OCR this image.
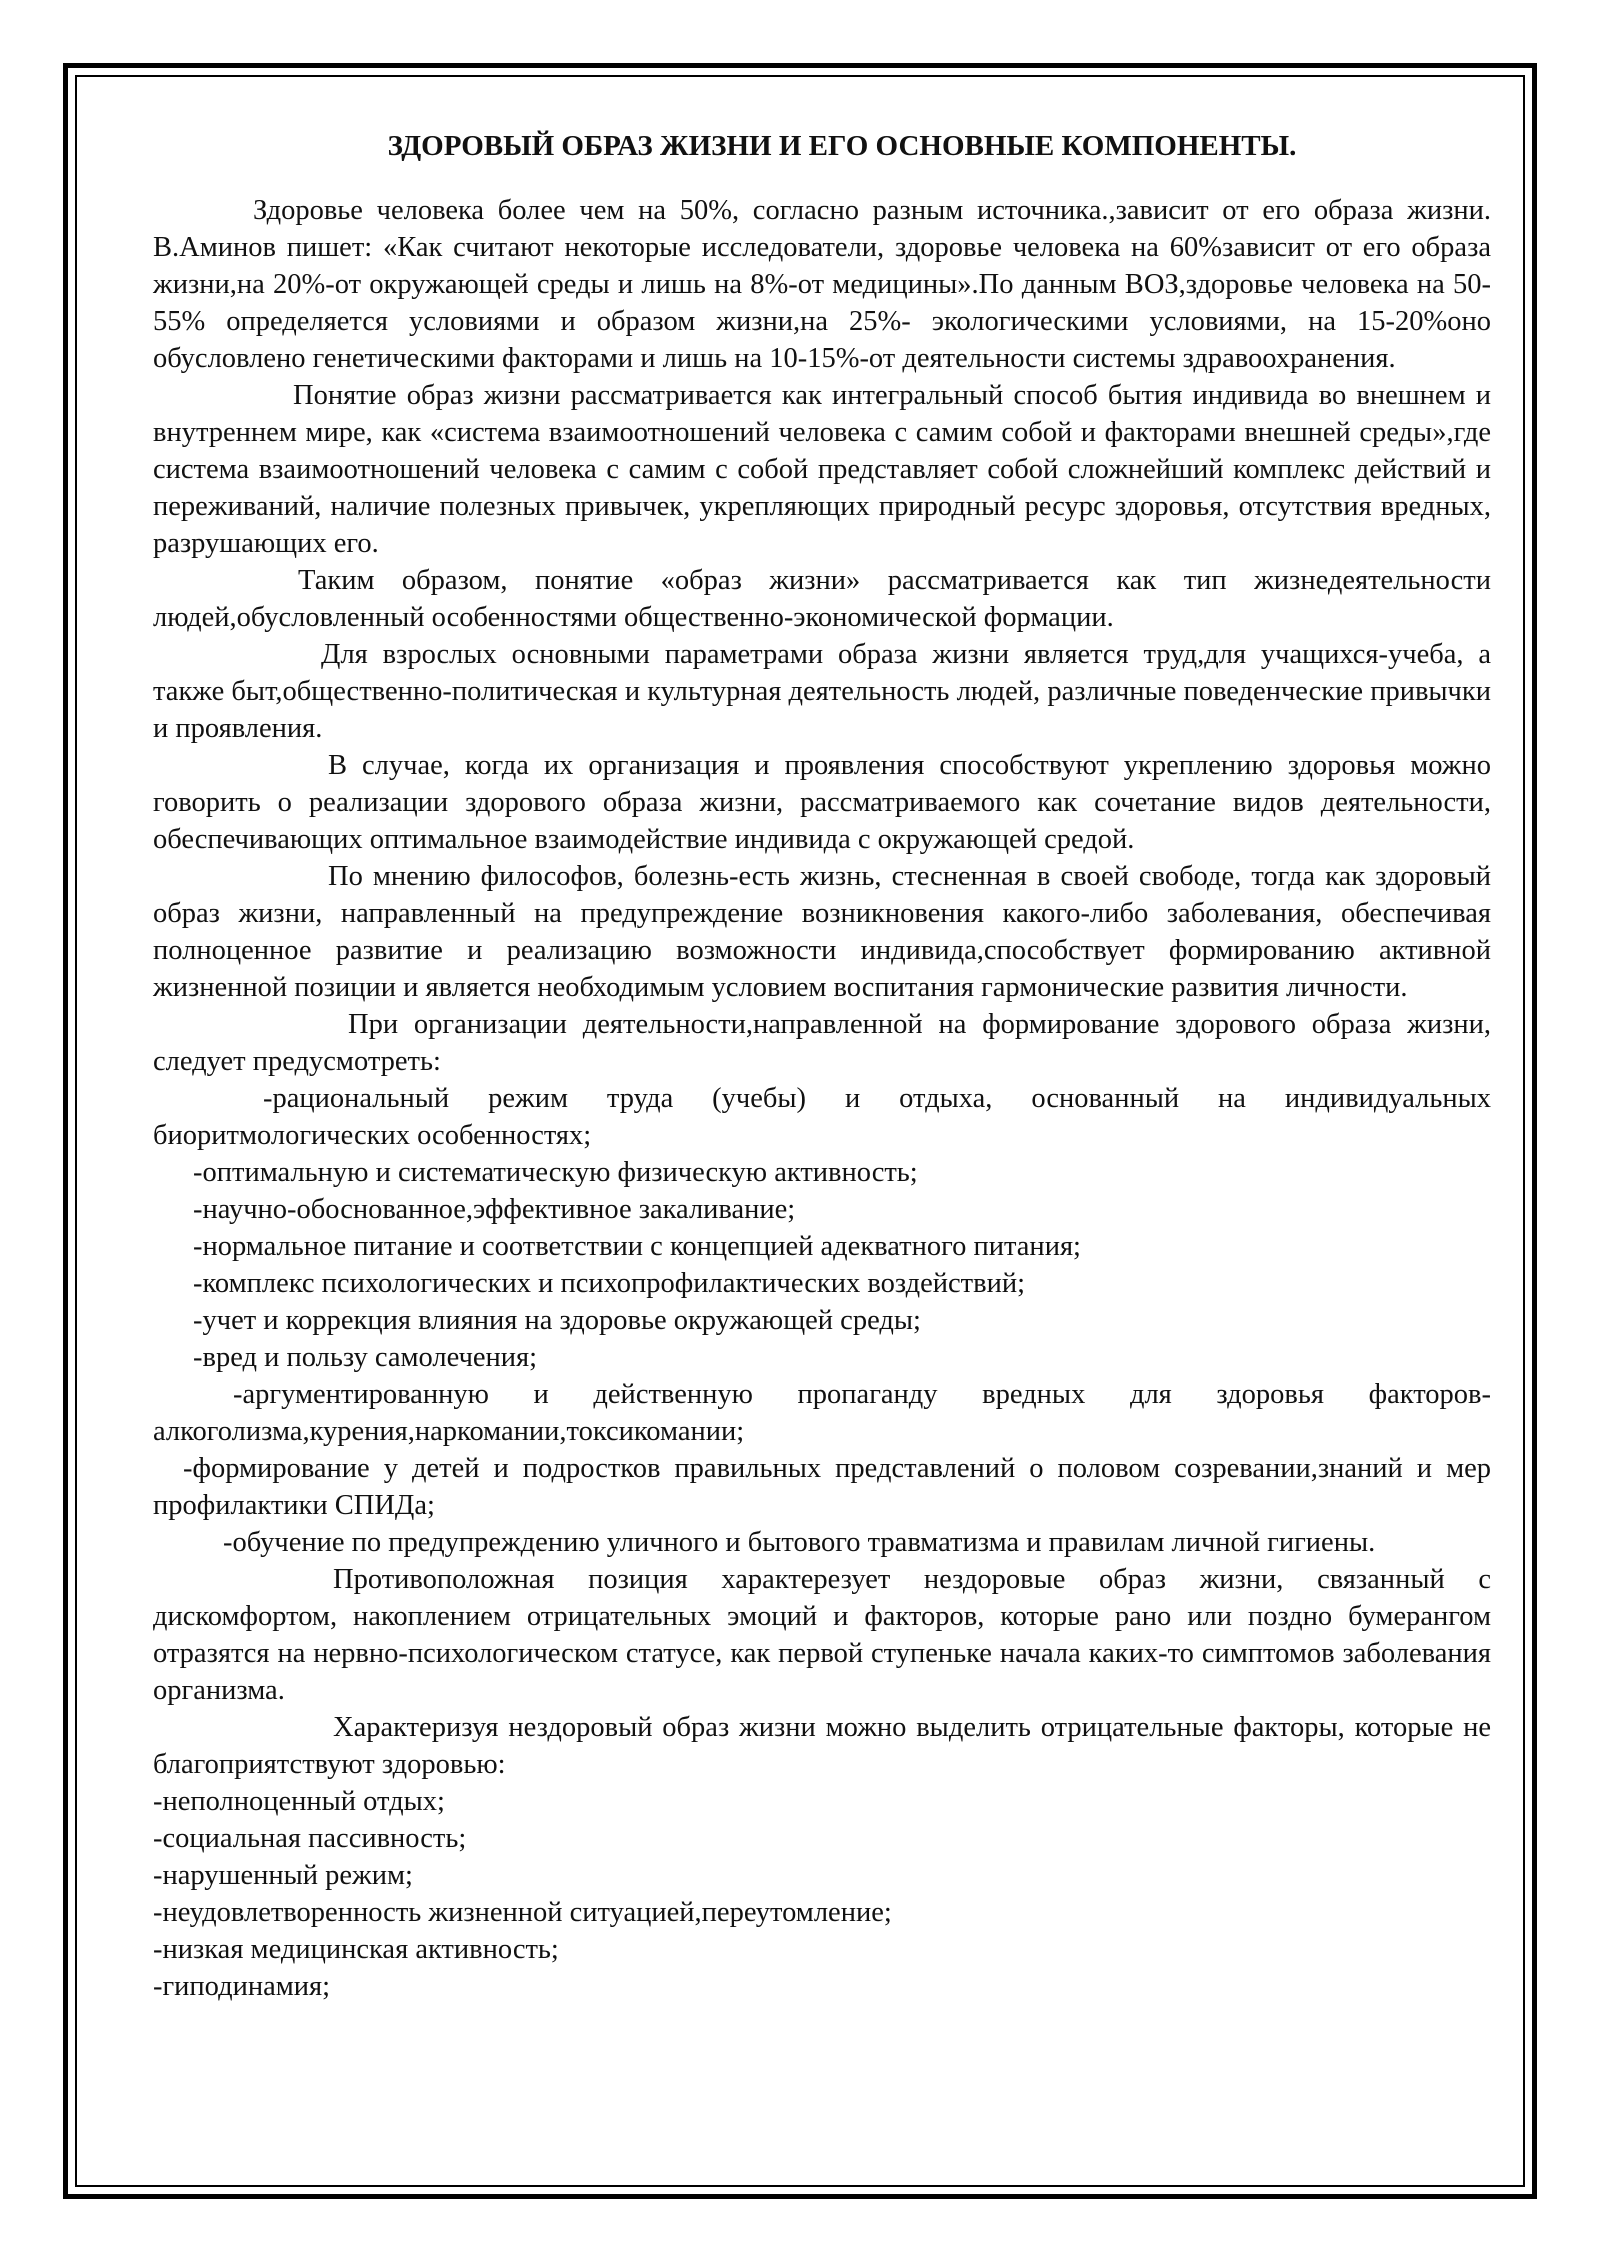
ЗДОРОВЫЙ ОБРАЗ ЖИЗНИ И ЕГО ОСНОВНЫЕ КОМПОНЕНТЫ.

Здоровье человека более чем на 50%, согласно разным источника.,зависит от его образа жизни. В.Аминов пишет: «Как считают некоторые исследователи, здоровье человека на 60%зависит от его образа жизни,на 20%-от окружающей среды и лишь на 8%-от медицины».По данным ВОЗ,здоровье человека на 50-55% определяется условиями и образом жизни,на 25%- экологическими условиями, на 15-20%оно обусловлено генетическими факторами и лишь на 10-15%-от деятельности системы здравоохранения.

Понятие образ жизни рассматривается как интегральный способ бытия индивида во внешнем и внутреннем мире, как «система взаимоотношений человека с самим собой и факторами внешней среды»,где система взаимоотношений человека с самим с собой представляет собой сложнейший комплекс действий и переживаний, наличие полезных привычек, укрепляющих природный ресурс здоровья, отсутствия вредных, разрушающих его.

Таким образом, понятие «образ жизни» рассматривается как тип жизнедеятельности людей,обусловленный особенностями общественно-экономической формации.

Для взрослых основными параметрами образа жизни является труд,для учащихся-учеба, а также быт,общественно-политическая и культурная деятельность людей, различные поведенческие привычки и проявления.

В случае, когда их организация и проявления способствуют укреплению здоровья можно говорить о реализации здорового образа жизни, рассматриваемого как сочетание видов деятельности, обеспечивающих оптимальное взаимодействие индивида с окружающей средой.

По мнению философов, болезнь-есть жизнь, стесненная в своей свободе, тогда как здоровый образ жизни, направленный на предупреждение возникновения какого-либо заболевания, обеспечивая полноценное развитие и реализацию возможности индивида,способствует формированию активной жизненной позиции и является необходимым условием воспитания гармонические развития личности.

При организации деятельности,направленной на формирование здорового образа жизни, следует предусмотреть:

-рациональный режим труда (учебы) и отдыха, основанный на индивидуальных биоритмологических особенностях;

-оптимальную и систематическую физическую активность;

-научно-обоснованное,эффективное закаливание;

-нормальное питание и соответствии с концепцией адекватного питания;

-комплекс психологических и психопрофилактических воздействий;

-учет и коррекция влияния на здоровье окружающей среды;

-вред и пользу самолечения;

-аргументированную и действенную пропаганду вредных для здоровья факторов-алкоголизма,курения,наркомании,токсикомании;

-формирование у детей и подростков правильных представлений о половом созревании,знаний и мер профилактики СПИДа;

-обучение по предупреждению уличного и бытового травматизма и правилам личной гигиены.

Противоположная позиция характерезует нездоровые образ жизни, связанный с дискомфортом, накоплением отрицательных эмоций и факторов, которые рано или поздно бумерангом отразятся на нервно-психологическом статусе, как первой ступеньке начала каких-то симптомов заболевания организма.

Характеризуя нездоровый образ жизни можно выделить отрицательные факторы, которые не благоприятствуют здоровью:

-неполноценный отдых;

-социальная пассивность;

-нарушенный режим;

-неудовлетворенность жизненной ситуацией,переутомление;

-низкая медицинская активность;

-гиподинамия;
